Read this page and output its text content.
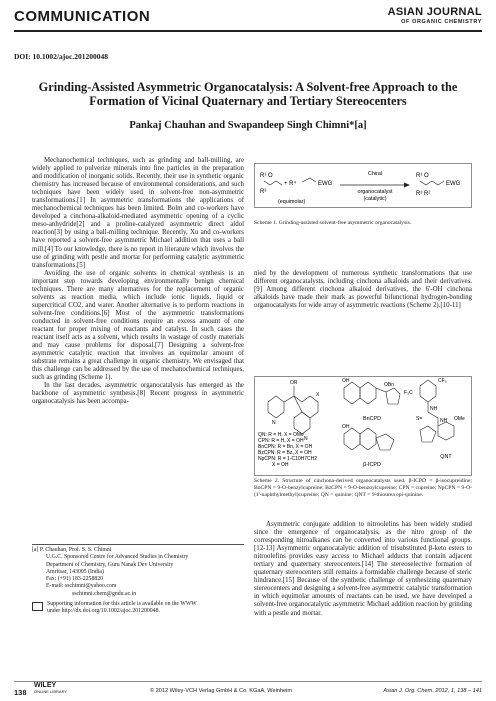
COMMUNICATION	ASIAN JOURNAL
OF ORGANIC CHEMISTRY
DOI: 10.1002/ajoc.201200048
Grinding-Assisted Asymmetric Organocatalysis: A Solvent-free Approach to the Formation of Vicinal Quaternary and Tertiary Stereocenters
Pankaj Chauhan and Swapandeep Singh Chimni*[a]

Mechanochemical techniques, such as grinding and ball-milling, are widely applied to pulverize minerals into fine particles in the preparation and modification of inorganic solids. Recently, their use in synthetic organic chemistry has increased because of environmental considerations, and such techniques have been widely used in solvent-free non-asymmetric transformations.[1] In asymmetric transformations the applications of mechanochemical techniques has been limited. Bolm and co-workers have developed a cinchona-alkaloid-mediated asymmetric opening of a cyclic meso-anhydride[2] and a proline-catalyzed asymmetric direct aldol reaction[3] by using a ball-milling technique. Recently, Xu and co-workers have reported a solvent-free asymmetric Michael addition that uses a ball mill.[4] To our knowledge, there is no report in literature which involves the use of grinding with pestle and mortar for performing catalytic asymmetric transformations.[5]

Avoiding the use of organic solvents in chemical synthesis is an important step towards developing environmentally benign chemical techniques. There are many alternatives for the replacement of organic solvents as reaction media, which include ionic liquids, liquid or supercritical CO2, and water. Another alternative is to perform reactions in solvent-free conditions.[6] Most of the asymmetric transformations conducted in solvent-free conditions require an excess amount of one reactant for proper mixing of reactants and catalyst. In such cases the reactant itself acts as a solvent, which results in wastage of costly materials and may cause problems for disposal.[7] Designing a solvent-free asymmetric catalytic reaction that involves an equimolar amount of substrate remains a great challenge in organic chemistry. We envisaged that this challenge can be addressed by the use of mechanochemical techniques, such as grinding (Scheme 1).

In the last decades, asymmetric organocatalysis has emerged as the backbone of asymmetric synthesis.[8] Recent progress in asymmetric organocatalysis has been accompa-

R¹ O
R³
+ R⁴	EWG
(equimolar)
Chiral
organocatalyst
(catalytic)
R¹ O
EWG
R³ R²
Scheme 1. Grinding-assisted solvent-free asymmetric organocatalysis.

nied by the development of numerous synthetic transformations that use different organocatalysts, including cinchona alkaloids and their derivatives.[9] Among different cinchona alkaloid derivatives, the 6'-OH cinchona alkaloids have made their mark as powerful bifunctional hydrogen-bonding organocatalysts for wide array of asymmetric reactions (Scheme 2).[10-11]

OR
X
N
N
QN: R = H, X = OMe
CPN: R = H, X = OH
BnCPN: R = Bn, X = OH
BzCPN: R = Bz, X = OH
NpCPN: R = 1-C10H7CH2
X = OH
OH
OBn
BnCPD
OH
β-ICPD
F₃C
CF₃
NH
S=	NH OMe
QNT
Scheme 2. Structure of cinchona-derived organocatalysts used. β-ICPD = β-isocupreidine; BnCPN = 9-O-benzylcupreine; BzCPN = 9-O-benzoylcupreine; CPN = cupreine; NpCPN = 9-O-(1'-naphthylmethyl)cupreine; QN = quinine; QNT = 9-thiourea epi-quinine.

Asymmetric conjugate addition to nitroolefins has been widely studied since the emergence of organocatalysis, as the nitro group of the corresponding nitroalkanes can be converted into various functional groups.[12-13] Asymmetric organocatalytic addition of trisubstituted β-keto esters to nitroolefins provides easy access to Michael adducts that contain adjacent tertiary and quaternary stereocenters.[14] The stereoselective formation of quaternary stereocenters still remains a formidable challenge because of steric hindrance.[15] Because of the synthetic challenge of synthesizing quaternary stereocenters and designing a solvent-free asymmetric catalytic transformation in which equimolar amounts of reactants can be used, we have developed a solvent-free organocatalytic asymmetric Michael addition reaction by grinding with a pestle and mortar.

[a] P. Chauhan, Prof. S. S. Chimni
U.G.C. Sponsored Centre for Advanced Studies in Chemistry
Department of Chemistry, Guru Nanak Dev University
Amritsar, 143005 (India)
Fax: (+91) 183-2258820
E-mail: sschimni@yahoo.com
sschimni.chem@gndu.ac.in
Supporting information for this article is available on the WWW
under http://dx.doi.org/10.1002/ajoc.201200048.
138
WILEY
ONLINE LIBRARY	© 2012 Wiley-VCH Verlag GmbH & Co. KGaA, Weinheim	Asian J. Org. Chem. 2012, 1, 138 – 141
